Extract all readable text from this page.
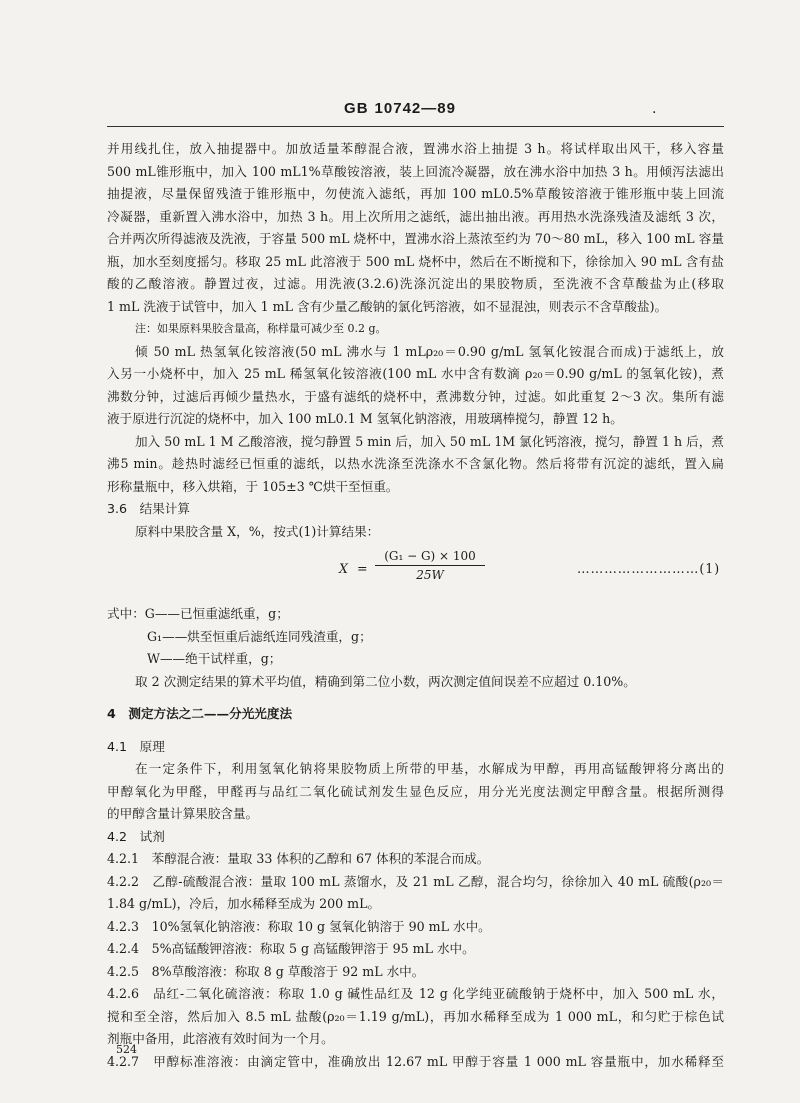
GB 10742—89	.
并用线扎住，放入抽提器中。加放适量苯醇混合液，置沸水浴上抽提 3 h。将试样取出风干，移入容量
500 mL锥形瓶中，加入 100 mL1%草酸铵溶液，装上回流冷凝器，放在沸水浴中加热 3 h。用倾泻法滤出
抽提液，尽量保留残渣于锥形瓶中，勿使流入滤纸，再加 100 mL0.5%草酸铵溶液于锥形瓶中装上回流
冷凝器，重新置入沸水浴中，加热 3 h。用上次所用之滤纸，滤出抽出液。再用热水洗涤残渣及滤纸 3 次，
合并两次所得滤液及洗液，于容量 500 mL 烧杯中，置沸水浴上蒸浓至约为 70～80 mL，移入 100 mL 容量
瓶，加水至刻度摇匀。移取 25 mL 此溶液于 500 mL 烧杯中，然后在不断搅和下，徐徐加入 90 mL 含有盐
酸的乙酸溶液。静置过夜，过滤。用洗液(3.2.6)洗涤沉淀出的果胶物质，至洗液不含草酸盐为止(移取
1 mL 洗液于试管中，加入 1 mL 含有少量乙酸钠的氯化钙溶液，如不显混浊，则表示不含草酸盐)。
注：如果原料果胶含量高，称样量可减少至 0.2 g。
倾 50 mL 热氢氧化铵溶液(50 mL 沸水与 1 mLρ₂₀＝0.90 g/mL 氢氧化铵混合而成)于滤纸上，放
入另一小烧杯中，加入 25 mL 稀氢氧化铵溶液(100 mL 水中含有数滴 ρ₂₀＝0.90 g/mL 的氢氧化铵)，煮
沸数分钟，过滤后再倾少量热水，于盛有滤纸的烧杯中，煮沸数分钟，过滤。如此重复 2～3 次。集所有滤
液于原进行沉淀的烧杯中，加入 100 mL0.1 M 氢氧化钠溶液，用玻璃棒搅匀，静置 12 h。
加入 50 mL 1 M 乙酸溶液，搅匀静置 5 min 后，加入 50 mL 1M 氯化钙溶液，搅匀，静置 1 h 后，煮
沸5 min。趁热时滤经已恒重的滤纸，以热水洗涤至洗涤水不含氯化物。然后将带有沉淀的滤纸，置入扁
形称量瓶中，移入烘箱，于 105±3 ℃烘干至恒重。
3.6　结果计算
原料中果胶含量 X，%，按式(1)计算结果：
$X = \frac{\text{(G₁ − G) × 100}}{25W}$	………………………(1)
式中：G——已恒重滤纸重，g；
G₁——烘至恒重后滤纸连同残渣重，g；
W——绝干试样重，g；
取 2 次测定结果的算术平均值，精确到第二位小数，两次测定值间误差不应超过 0.10%。
4　测定方法之二——分光光度法
4.1　原理
在一定条件下，利用氢氧化钠将果胶物质上所带的甲基，水解成为甲醇，再用高锰酸钾将分离出的
甲醇氧化为甲醛，甲醛再与品红二氧化硫试剂发生显色反应，用分光光度法测定甲醇含量。根据所测得
的甲醇含量计算果胶含量。
4.2　试剂
4.2.1　苯醇混合液：量取 33 体积的乙醇和 67 体积的苯混合而成。
4.2.2　乙醇-硫酸混合液：量取 100 mL 蒸馏水，及 21 mL 乙醇，混合均匀，徐徐加入 40 mL 硫酸(ρ₂₀＝
1.84 g/mL)，冷后，加水稀释至成为 200 mL。
4.2.3　10%氢氧化钠溶液：称取 10 g 氢氧化钠溶于 90 mL 水中。
4.2.4　5%高锰酸钾溶液：称取 5 g 高锰酸钾溶于 95 mL 水中。
4.2.5　8%草酸溶液：称取 8 g 草酸溶于 92 mL 水中。
4.2.6　品红-二氧化硫溶液：称取 1.0 g 碱性品红及 12 g 化学纯亚硫酸钠于烧杯中，加入 500 mL 水，
搅和至全溶，然后加入 8.5 mL 盐酸(ρ₂₀＝1.19 g/mL)，再加水稀释至成为 1 000 mL，和匀贮于棕色试
剂瓶中备用，此溶液有效时间为一个月。
4.2.7　甲醇标准溶液：由滴定管中，准确放出 12.67 mL 甲醇于容量 1 000 mL 容量瓶中，加水稀释至
524
